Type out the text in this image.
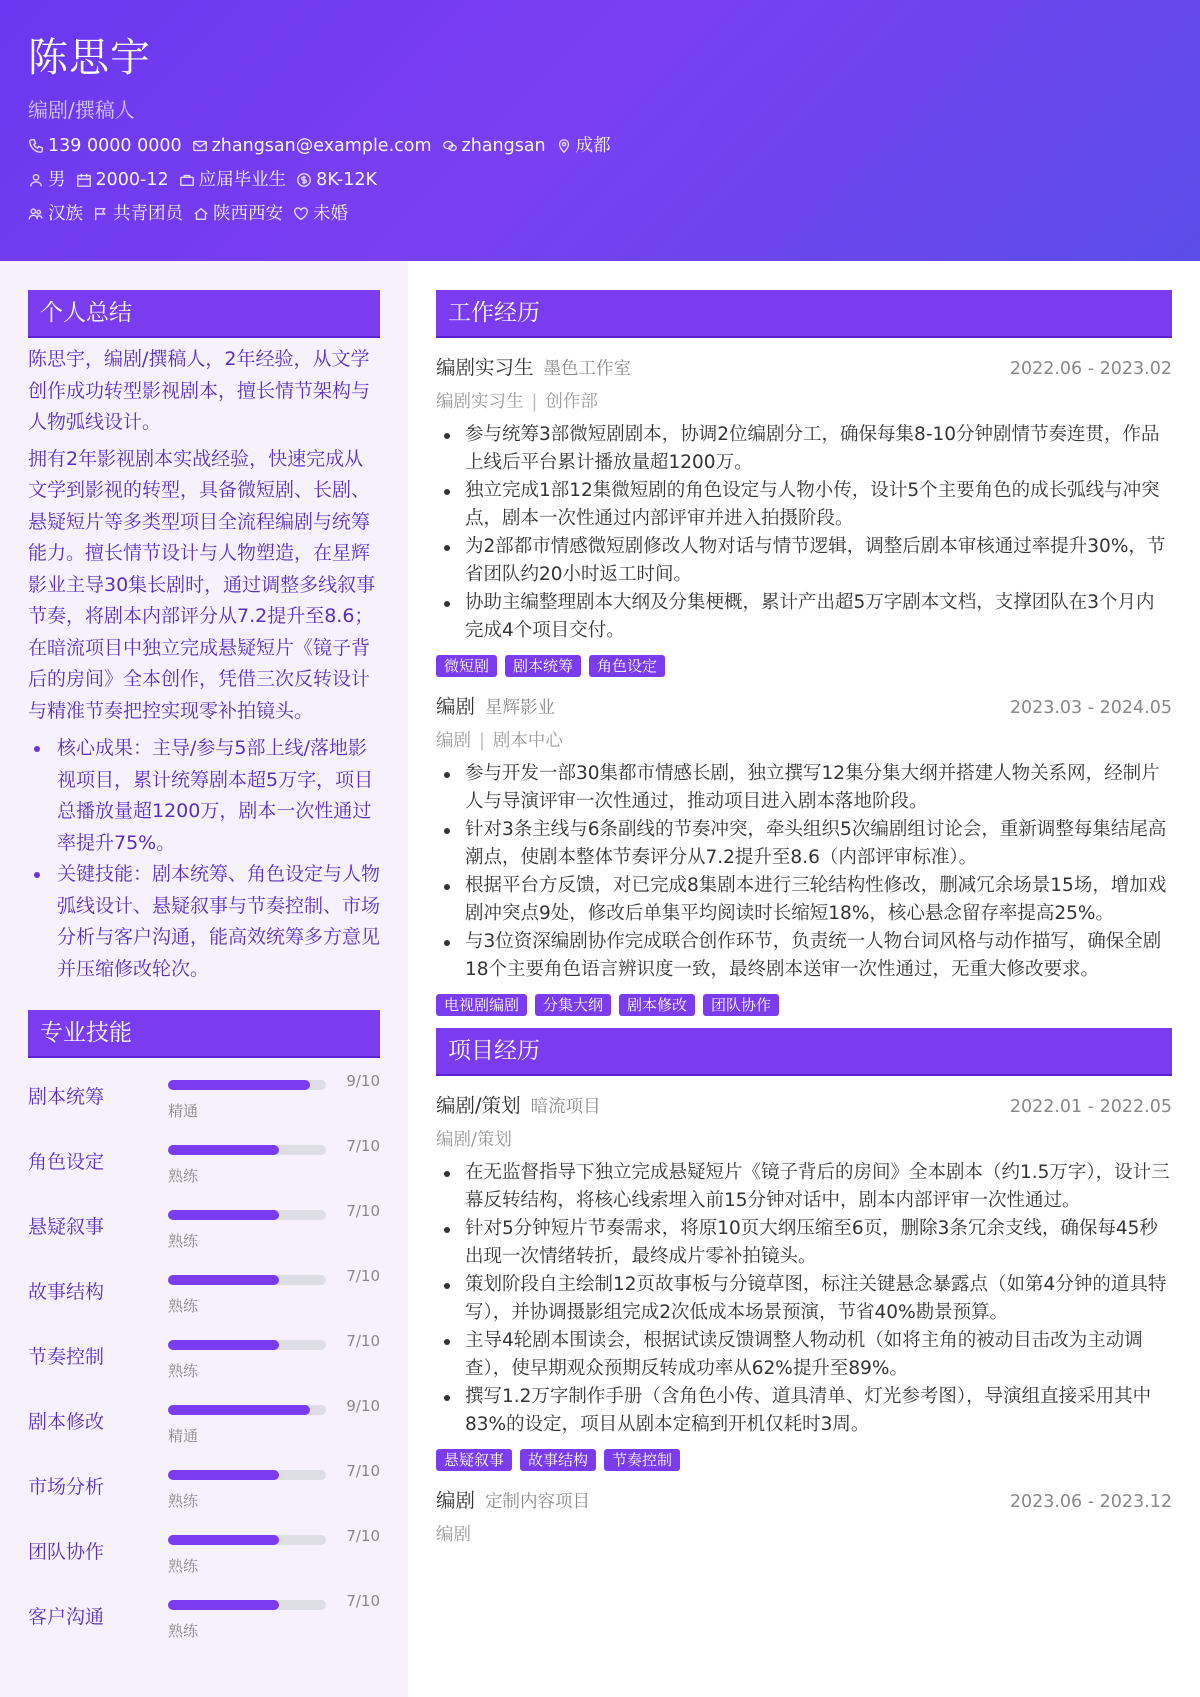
陈思宇
编剧/撰稿人
139 0000 0000 zhangsan@example.com zhangsan 成都
男 2000-12 应届毕业生 8K-12K
汉族 共青团员 陕西西安 未婚
个人总结

陈思宇，编剧/撰稿人，2年经验，从文学创作成功转型影视剧本，擅长情节架构与人物弧线设计。

拥有2年影视剧本实战经验，快速完成从文学到影视的转型，具备微短剧、长剧、悬疑短片等多类型项目全流程编剧与统筹能力。擅长情节设计与人物塑造，在星辉影业主导30集长剧时，通过调整多线叙事节奏，将剧本内部评分从7.2提升至8.6；在暗流项目中独立完成悬疑短片《镜子背后的房间》全本创作，凭借三次反转设计与精准节奏把控实现零补拍镜头。

核心成果：主导/参与5部上线/落地影视项目，累计统筹剧本超5万字，项目总播放量超1200万，剧本一次性通过率提升75%。
关键技能：剧本统筹、角色设定与人物弧线设计、悬疑叙事与节奏控制、市场分析与客户沟通，能高效统筹多方意见并压缩修改轮次。
专业技能
剧本统筹
9/10
精通
角色设定
7/10
熟练
悬疑叙事
7/10
熟练
故事结构
7/10
熟练
节奏控制
7/10
熟练
剧本修改
9/10
精通
市场分析
7/10
熟练
团队协作
7/10
熟练
客户沟通
7/10
熟练
工作经历
编剧实习生 墨色工作室	2022.06 - 2023.02
编剧实习生 | 创作部
参与统筹3部微短剧剧本，协调2位编剧分工，确保每集8-10分钟剧情节奏连贯，作品上线后平台累计播放量超1200万。
独立完成1部12集微短剧的角色设定与人物小传，设计5个主要角色的成长弧线与冲突点，剧本一次性通过内部评审并进入拍摄阶段。
为2部都市情感微短剧修改人物对话与情节逻辑，调整后剧本审核通过率提升30%，节省团队约20小时返工时间。
协助主编整理剧本大纲及分集梗概，累计产出超5万字剧本文档，支撑团队在3个月内完成4个项目交付。
微短剧	剧本统筹	角色设定
编剧 星辉影业	2023.03 - 2024.05
编剧 | 剧本中心
参与开发一部30集都市情感长剧，独立撰写12集分集大纲并搭建人物关系网，经制片人与导演评审一次性通过，推动项目进入剧本落地阶段。
针对3条主线与6条副线的节奏冲突，牵头组织5次编剧组讨论会，重新调整每集结尾高潮点，使剧本整体节奏评分从7.2提升至8.6（内部评审标准）。
根据平台方反馈，对已完成8集剧本进行三轮结构性修改，删减冗余场景15场，增加戏剧冲突点9处，修改后单集平均阅读时长缩短18%，核心悬念留存率提高25%。
与3位资深编剧协作完成联合创作环节，负责统一人物台词风格与动作描写，确保全剧18个主要角色语言辨识度一致，最终剧本送审一次性通过，无重大修改要求。
电视剧编剧	分集大纲	剧本修改	团队协作
项目经历
编剧/策划 暗流项目	2022.01 - 2022.05
编剧/策划
在无监督指导下独立完成悬疑短片《镜子背后的房间》全本剧本（约1.5万字），设计三幕反转结构，将核心线索埋入前15分钟对话中，剧本内部评审一次性通过。
针对5分钟短片节奏需求，将原10页大纲压缩至6页，删除3条冗余支线，确保每45秒出现一次情绪转折，最终成片零补拍镜头。
策划阶段自主绘制12页故事板与分镜草图，标注关键悬念暴露点（如第4分钟的道具特写），并协调摄影组完成2次低成本场景预演，节省40%勘景预算。
主导4轮剧本围读会，根据试读反馈调整人物动机（如将主角的被动目击改为主动调查），使早期观众预期反转成功率从62%提升至89%。
撰写1.2万字制作手册（含角色小传、道具清单、灯光参考图），导演组直接采用其中83%的设定，项目从剧本定稿到开机仅耗时3周。
悬疑叙事	故事结构	节奏控制
编剧 定制内容项目	2023.06 - 2023.12
编剧
